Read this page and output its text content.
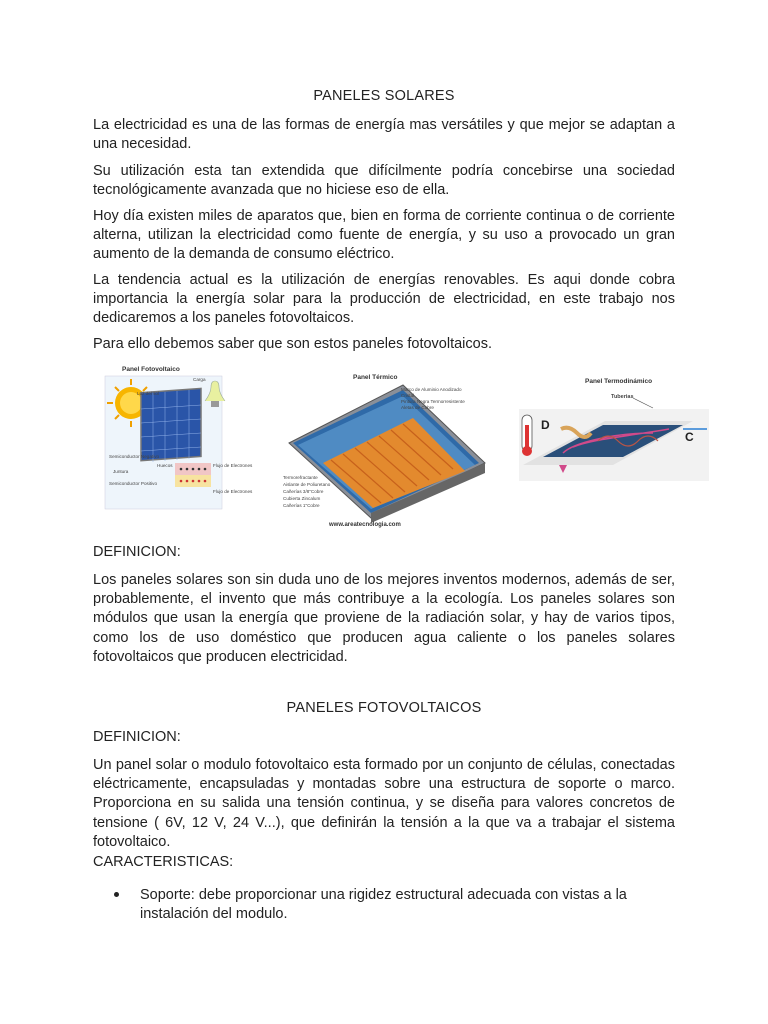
PANELES SOLARES
La electricidad es una de las formas de energía mas versátiles y que mejor se adaptan a una necesidad.
Su utilización esta tan extendida que difícilmente podría concebirse una sociedad tecnológicamente avanzada que no hiciese eso de ella.
Hoy día existen miles de aparatos que, bien en forma de corriente continua o de corriente alterna, utilizan la electricidad como fuente de energía, y su uso a provocado un gran aumento de la demanda de consumo eléctrico.
La tendencia actual es la utilización de energías renovables. Es aqui donde cobra importancia la energía solar para la producción de electricidad, en este trabajo nos dedicaremos a los paneles fotovoltaicos.
Para ello debemos saber que son estos paneles fotovoltaicos.
Panel Fotovoltaico
Luz del sol
Carga
Semiconductor Negativo
Juntura
Semiconductor Positivo
Huecos	Flujo de Electrones
Flujo de Electrones
Panel Térmico
Marco de Aluminio Anodizado
Cristal
Pintura Negra Termorresistente
Aletas de Cobre
Termorefractante
Aislante de Poliuretano
Cañerías 3/8"Cobre
Cubierta Zincalum
Cañerías 1"Cobre
www.areatecnologia.com
Panel Termodinámico
Tuberias
D
C
DEFINICION:
Los paneles solares son sin duda uno de los mejores inventos modernos, además de ser, probablemente, el invento que más contribuye a la ecología. Los paneles solares son módulos que usan la energía que proviene de la radiación solar, y hay de varios tipos, como los de uso doméstico que producen agua caliente o los paneles solares fotovoltaicos que producen electricidad.
PANELES FOTOVOLTAICOS
DEFINICION:
Un panel solar o modulo fotovoltaico esta formado por un conjunto de células, conectadas eléctricamente, encapsuladas y montadas sobre una estructura de soporte o marco. Proporciona en su salida una tensión continua, y se diseña para valores concretos de tensione ( 6V, 12 V, 24 V...), que definirán la tensión a la que va a trabajar el sistema fotovoltaico.
CARACTERISTICAS:
Soporte: debe proporcionar una rigidez estructural adecuada con vistas a la instalación del modulo.
